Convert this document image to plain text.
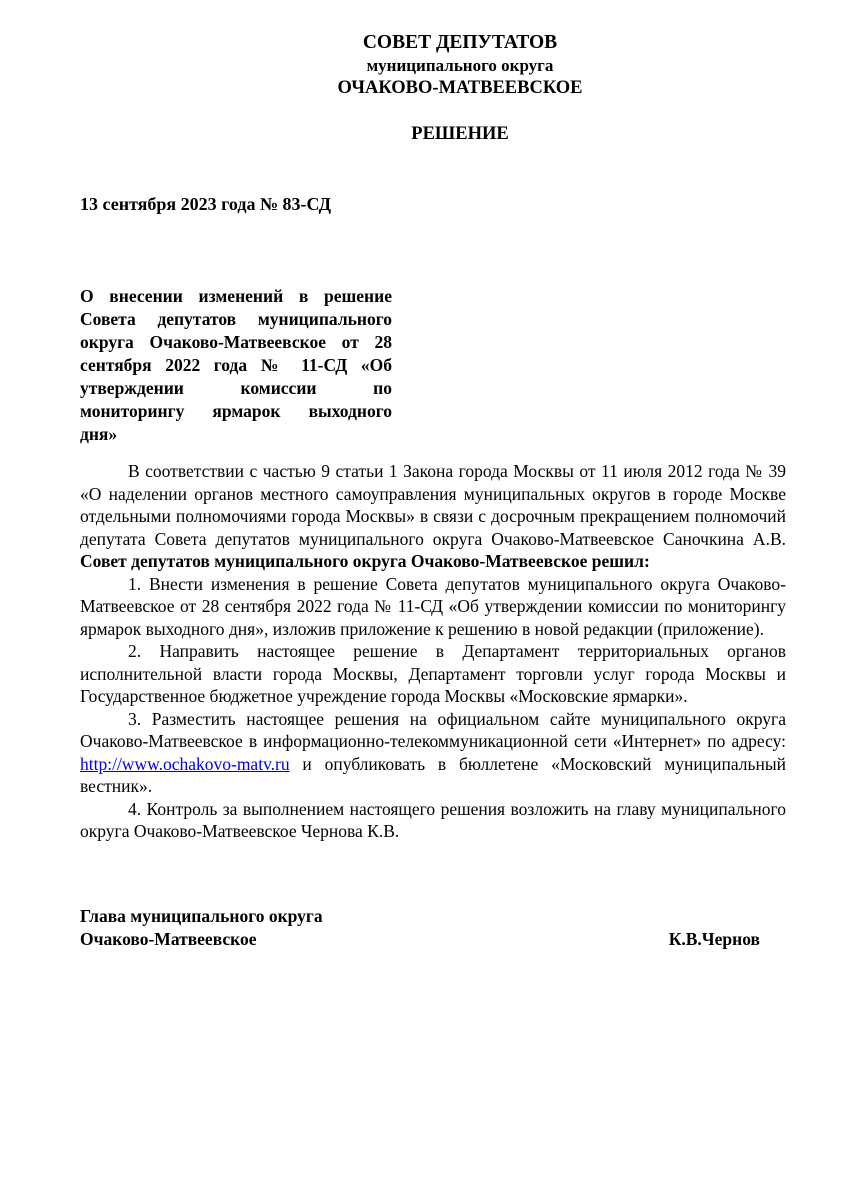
СОВЕТ ДЕПУТАТОВ
муниципального округа
ОЧАКОВО-МАТВЕЕВСКОЕ
РЕШЕНИЕ
13 сентября 2023 года № 83-СД
О внесении изменений в решение
Совета депутатов муниципального
округа Очаково-Матвеевское от 28
сентября 2022 года № 11-СД «Об
утверждении комиссии по
мониторингу ярмарок выходного
дня»

В соответствии с частью 9 статьи 1 Закона города Москвы от 11 июля 2012 года № 39 «О наделении органов местного самоуправления муниципальных округов в городе Москве отдельными полномочиями города Москвы» в связи с досрочным прекращением полномочий депутата Совета депутатов муниципального округа Очаково-Матвеевское Саночкина А.В. Совет депутатов муниципального округа Очаково-Матвеевское решил:

1. Внести изменения в решение Совета депутатов муниципального округа Очаково-Матвеевское от 28 сентября 2022 года № 11-СД «Об утверждении комиссии по мониторингу ярмарок выходного дня», изложив приложение к решению в новой редакции (приложение).

2. Направить настоящее решение в Департамент территориальных органов исполнительной власти города Москвы, Департамент торговли услуг города Москвы и Государственное бюджетное учреждение города Москвы «Московские ярмарки».

3. Разместить настоящее решения на официальном сайте муниципального округа Очаково-Матвеевское в информационно-телекоммуникационной сети «Интернет» по адресу: http://www.ochakovo-matv.ru и опубликовать в бюллетене «Московский муниципальный вестник».

4. Контроль за выполнением настоящего решения возложить на главу муниципального округа Очаково-Матвеевское Чернова К.В.

Глава муниципального округа
Очаково-Матвеевское	К.В.Чернов
